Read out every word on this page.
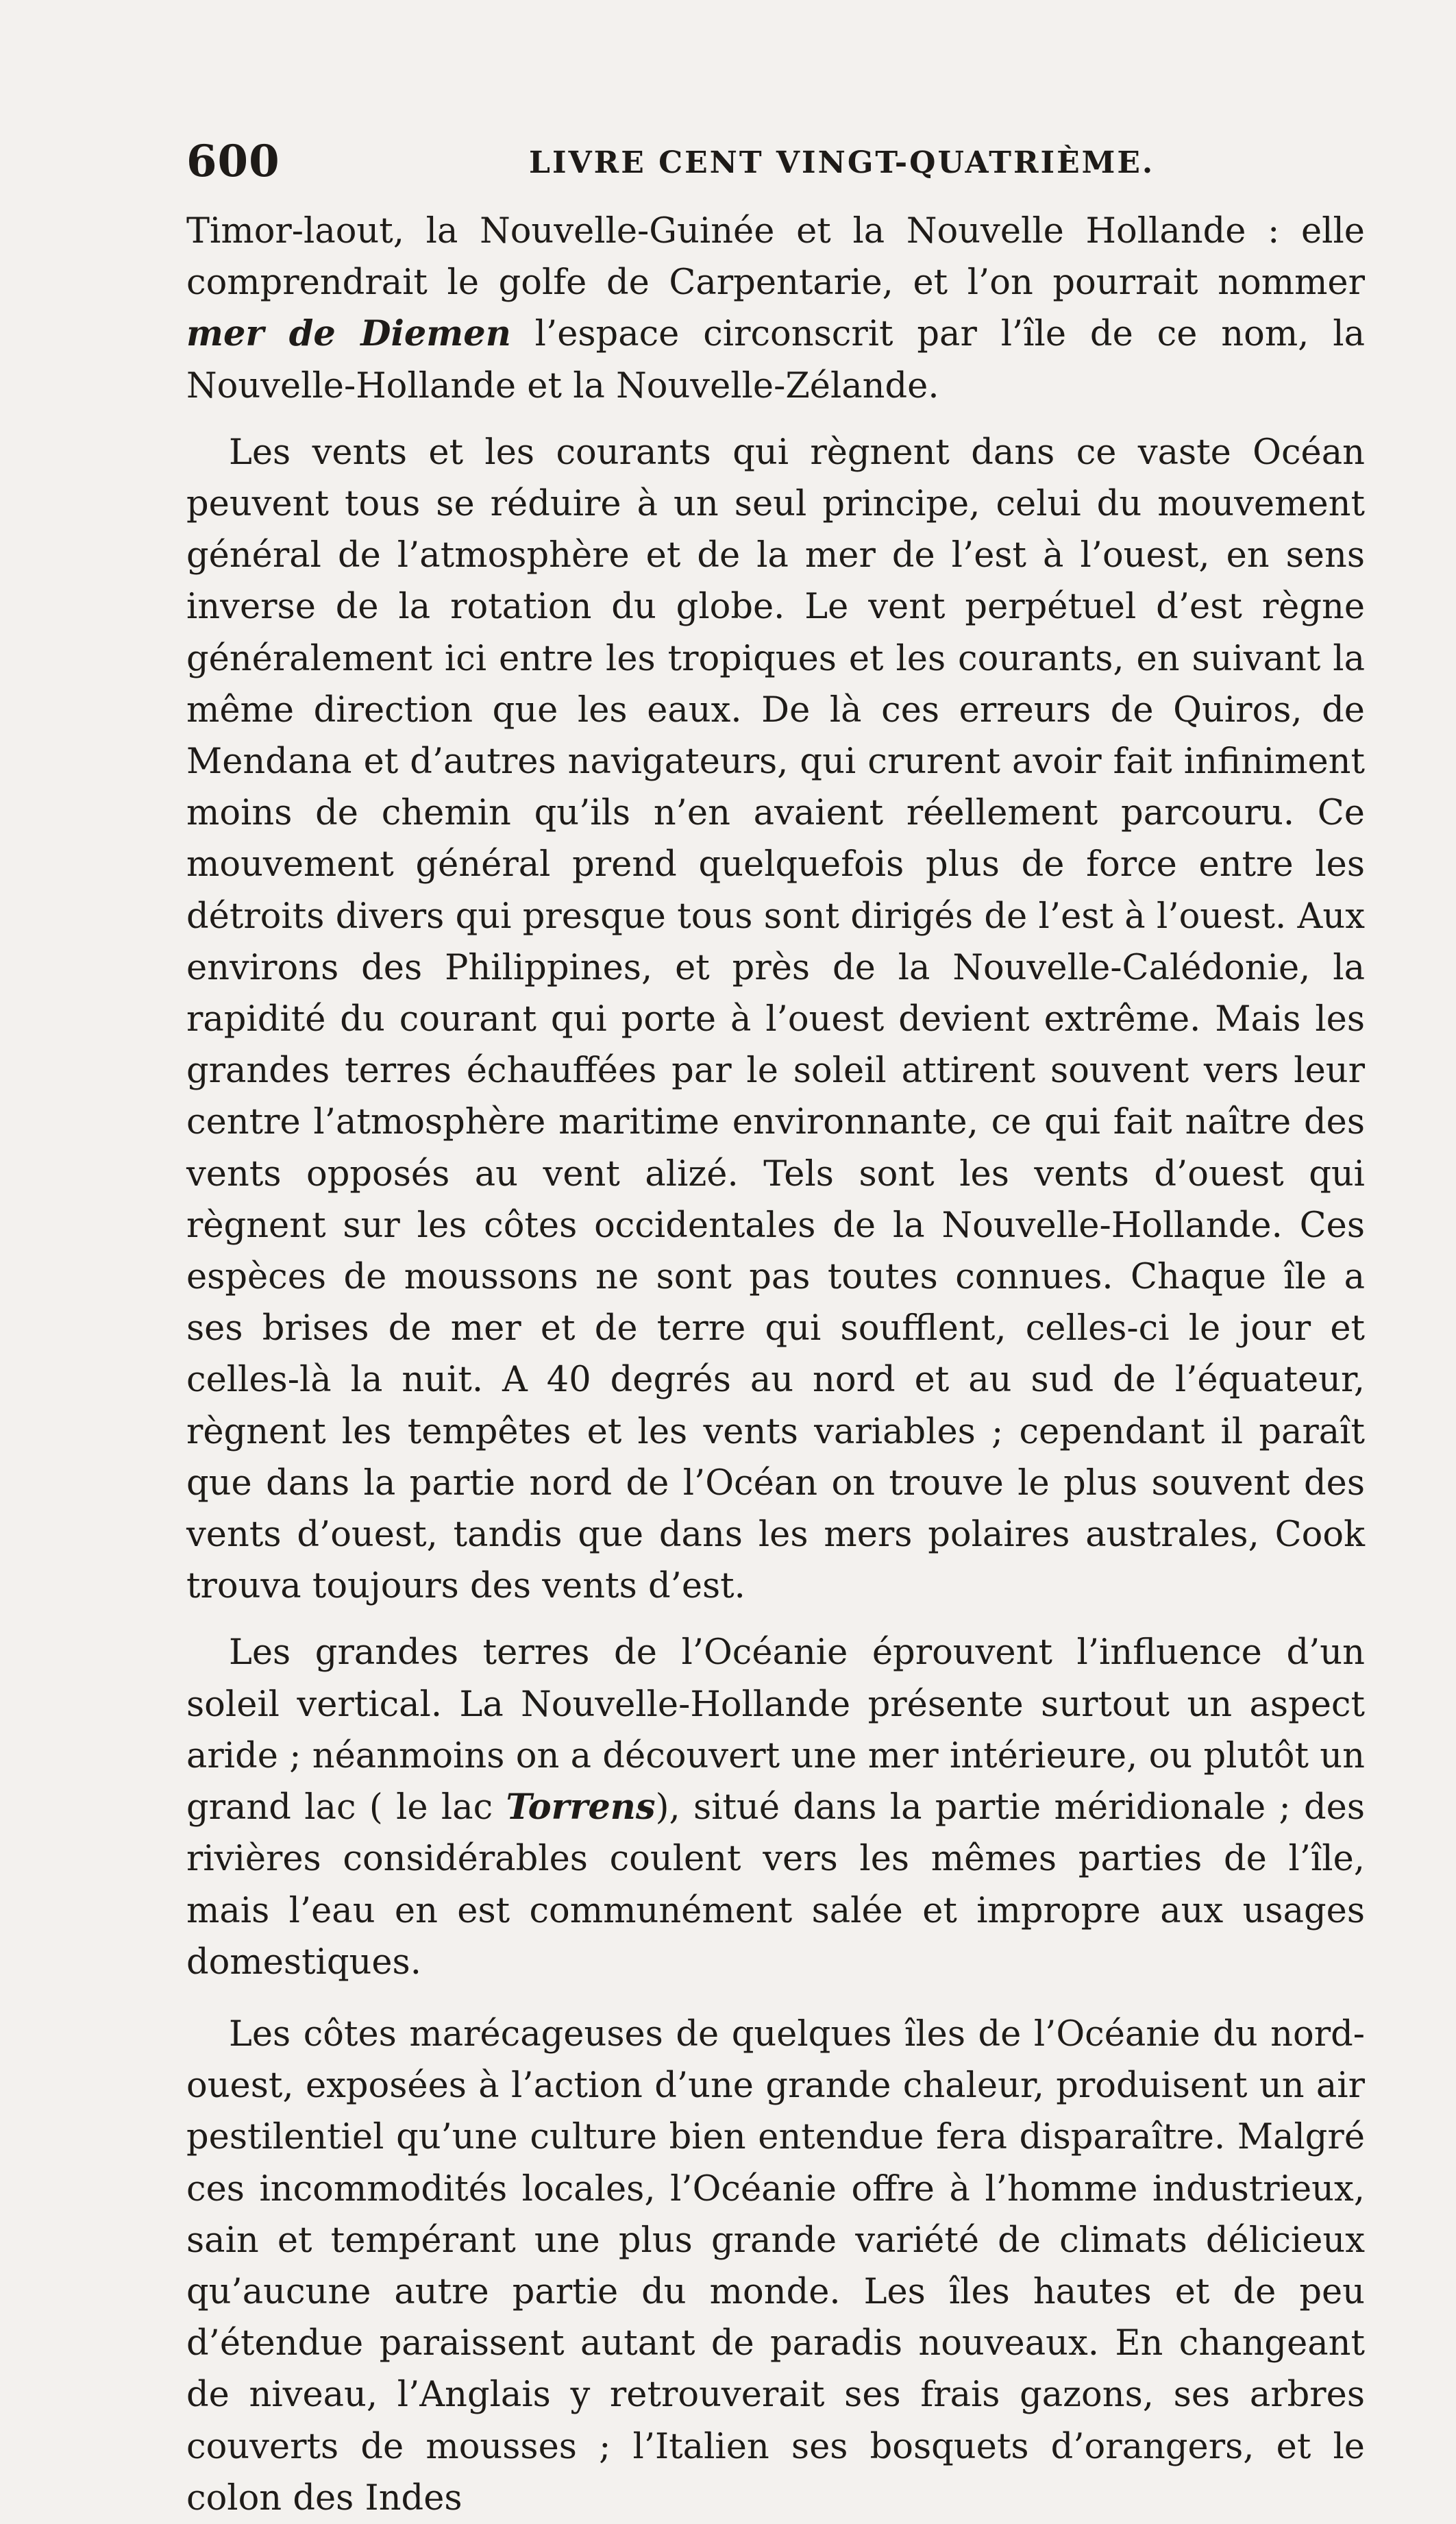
600	LIVRE CENT VINGT-QUATRIÈME.

Timor-laout, la Nouvelle-Guinée et la Nouvelle Hollande : elle comprendrait le golfe de Carpentarie, et l’on pourrait nommer mer de Diemen l’espace circonscrit par l’île de ce nom, la Nouvelle-Hollande et la Nouvelle-Zélande.

Les vents et les courants qui règnent dans ce vaste Océan peuvent tous se réduire à un seul principe, celui du mouvement général de l’atmosphère et de la mer de l’est à l’ouest, en sens inverse de la rotation du globe. Le vent perpétuel d’est règne généralement ici entre les tropiques et les courants, en suivant la même direction que les eaux. De là ces erreurs de Quiros, de Mendana et d’autres navigateurs, qui crurent avoir fait infiniment moins de chemin qu’ils n’en avaient réellement parcouru. Ce mouvement général prend quelquefois plus de force entre les détroits divers qui presque tous sont dirigés de l’est à l’ouest. Aux environs des Philippines, et près de la Nouvelle-Calédonie, la rapidité du courant qui porte à l’ouest devient extrême. Mais les grandes terres échauffées par le soleil attirent souvent vers leur centre l’atmosphère maritime environnante, ce qui fait naître des vents opposés au vent alizé. Tels sont les vents d’ouest qui règnent sur les côtes occidentales de la Nouvelle-Hollande. Ces espèces de moussons ne sont pas toutes connues. Chaque île a ses brises de mer et de terre qui soufflent, celles-ci le jour et celles-là la nuit. A 40 degrés au nord et au sud de l’équateur, règnent les tempêtes et les vents variables ; cependant il paraît que dans la partie nord de l’Océan on trouve le plus souvent des vents d’ouest, tandis que dans les mers polaires australes, Cook trouva toujours des vents d’est.

Les grandes terres de l’Océanie éprouvent l’influence d’un soleil vertical. La Nouvelle-Hollande présente surtout un aspect aride ; néanmoins on a découvert une mer intérieure, ou plutôt un grand lac ( le lac Torrens), situé dans la partie méridionale ; des rivières considérables coulent vers les mêmes parties de l’île, mais l’eau en est communément salée et impropre aux usages domestiques.

Les côtes marécageuses de quelques îles de l’Océanie du nord-ouest, exposées à l’action d’une grande chaleur, produisent un air pestilentiel qu’une culture bien entendue fera disparaître. Malgré ces incommodités locales, l’Océanie offre à l’homme industrieux, sain et tempérant une plus grande variété de climats délicieux qu’aucune autre partie du monde. Les îles hautes et de peu d’étendue paraissent autant de paradis nouveaux. En changeant de niveau, l’Anglais y retrouverait ses frais gazons, ses arbres couverts de mousses ; l’Italien ses bosquets d’orangers, et le colon des Indes
